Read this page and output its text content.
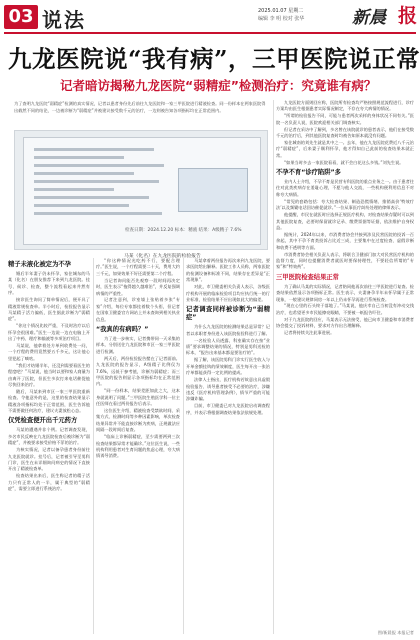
03 说法	2025.01.07 星期二
编辑 李 明 校对 张华	新晨 报
九龙医院说“我有病”，三甲医院说正常
记者暗访揭秘九龙医院“弱精症”检测治疗：究竟谁有病？
为了查明九龙医院“弱精症”检测的真实情况，记者以患者身份先后前往九龙医院和一家三甲医院进行精液检查。同一份样本在两家医院得出截然不同的结论，一边被诊断为“弱精症”并被建议接受数千元的治疗，一边则被告知各项指标均在正常范围内。
检查日期：2024.12.20 标本：精液 结果：A级精子 7.6%
马某（化名）在九龙医院的检验报告
精子未液化被定为不孕

婚后半年妻子仍未怀孕，家住城东的马某（化名）在朋友推荐下来到九龙医院。挂号、候诊、检查，整个流程看起来井然有序。

接诊医生询问了简单情况后，便开具了精液常规检查单。半小时后，检验报告显示马某精子活力偏低，医生据此诊断为“弱精症”。

“你这个情况比较严重，不及时治疗以后怀孕会很困难。”医生一边说一边在电脑上开出了中药、理疗和输液等多项治疗项目。

马某说，他拿着处方单到收费处一问，一个疗程的费用竟然要五千多元，这让他心里犯起了嘀咕。

“我们才结婚半年，还没到需要看医生的程度吧？”马某说，他当时以要和家人商量为由离开了医院，但医生多次打来电话催促他尽快回来治疗。

随后，马某来到市区一家三甲医院重新检查。令他意外的是，这里的检查结果显示精液各项指标均处于正常范围，医生告诉他不需要做任何治疗，建议夫妻放松心态。

仅凭检查便开出千元药方

马某的遭遇并非个例。记者调查发现，多名市民反映在九龙医院检查后被诊断为“弱精症”，并被要求接受价格不菲的治疗。

为核实情况，记者以备孕患者身份前往九龙医院就诊。挂号后，记者被引导至男科门诊，医生在未详细询问病史的情况下直接开出了精液检查单。

检查结果出来后，医生称记者的精子活力只有正常人的一半，属于典型的“弱精症”，需要立即进行系统治疗。

“你这种情况光吃药不行，要配合理疗。”医生说，一个疗程需要二十天，费用大约三千元，如果效果不好还需要第二个疗程。

当记者询问能否先观察一段时间再决定时，医生表示“拖得越久越难治”，并反复强调病情的严重性。

记者注意到，诊室墙上张贴着多张“专家”介绍，每位专家都挂着数个头衔，但记者在国家卫健委官方网站上并未查询到相关执业信息。

“我真的有病吗？”

为了进一步核实，记者携带同一天采集的样本，分别送往九龙医院和市区一家三甲医院进行检测。

两天后，两份检验报告摆在了记者面前。九龙医院的报告显示，A级精子比例仅为7.6%，远低于参考值，诊断为弱精症；而三甲医院的报告则显示各项指标均在正常范围内。

“同一份样本，结果差距如此之大，这本身就说明了问题。”三甲医院生殖医学科一位主任医师在看过两份报告后表示。

这位医生介绍，精液检查受禁欲时间、采集方式、检测时间等多种因素影响，单次检查结果异常并不能直接诊断为疾病，正规做法应间隔一段时间后复查。

“临床上诊断弱精症，至少需要两到三次检查结果都异常才能确诊。”这位医生说，一些机构利用患者对生育问题的焦虑心理，夸大病情诱导消费。

马某拿着两份报告再次来到九龙医院，要求医院给出解释。医院工作人员称，两家医院的检测设备和标准不同，结果存在差异是“正常现象”。

对此，市卫健委相关负责人表示，各级医疗机构开展的临床检验项目均应执行统一的行业标准，检验结果不应出现如此大的偏差。

记者调查同样被诊断为“弱精症”

为什么九龙医院的检测结果总是异常？记者以求职者身份进入该医院检验科进行了解。

一名检验人员透露，科室确实存在按“业绩”要求调整结果的情况，特别是男科送检的标本，“报告出来基本都是要治疗的”。

据了解，该医院男科门诊实行医生收入与开单金额挂钩的绩效制度，医生每开出一张治疗单都能获得一定比例的提成。

法律人士指出，医疗机构若故意出具虚假检验报告、诱导患者接受不必要的治疗，涉嫌违反《医疗机构管理条例》，情节严重的可能涉嫌诈骗。

目前，市卫健委已对九龙医院启动调查程序，并表示将根据调查结果依法依规处理。

九龙医院方面则回应称，医院所有检查均严格按照规范流程进行，诊疗方案均由医生根据患者实际情况制定，不存在夸大病情的情况。

“所谓的检验报告不同，可能与患者两次采样的身体状况不同有关。”医院一名负责人说，医院欢迎相关部门调查核实。

但记者在采访中了解到，多名曾在该院就诊的患者表示，他们在接受数千元的治疗后，到其他医院复查时均被告知原本就没有问题。

家住城南的刘先生就是其中之一。去年，他在九龙医院花费近八千元治疗“弱精症”，后来妻子顺利怀孕，他才得知自己此前的检查结果本就正常。

“如果当时多去一家医院看看，就不会白花这么多钱。”刘先生说。

不孕不育“诊疗陷阱”多

业内人士介绍，不孕不育是民营专科医院的重点业务之一。由于患者往往对此类疾病存在羞耻心理，不愿与他人交流，一些机构便利用信息不对称夸大病情。

“常见的套路包括：夸大检查结果、制造恐慌情绪、推销高价‘特效疗法’以及频繁电话回访催促就诊。”一位从事医疗纠纷处理的律师表示。

他提醒，市民在就医时应选择正规医疗机构，对检查结果存疑时可以到其他医院复查，必要时保留就诊记录、缴费票据等证据，依法维护自身权益。

据统计，2024年以来，市消费者协会共接到涉及民营医院的投诉一百余起，其中不孕不育类投诉占比近三成，主要集中在过度检查、虚假诊断和收费不透明等方面。

市消费者协会相关负责人表示，将联合卫健部门加大对民营医疗机构的监督力度，同时也提醒消费者就医时要保持理性，不要轻信所谓的“专家”和“特效药”。

三甲医院检查结果正常

为了确认马某的实际情况，记者陪同他再次前往三甲医院进行复查。检查结果依然显示各项指标正常。医生表示，夫妻备孕半年未怀孕属于正常现象，一般建议规律同房一年以上仍未怀孕再进行系统检查。

“现在心里的石头终于落地了。”马某说，他庆幸自己当初没有冲动交钱治疗，也希望更多市民能擦亮眼睛，不要被一纸报告吓住。

对于九龙医院的回应，马某表示无法接受，他已向市卫健委和市消费者协会提交了投诉材料，要求对方作出合理解释。

记者将持续关注此事进展。

图/新晨报 本报记者
